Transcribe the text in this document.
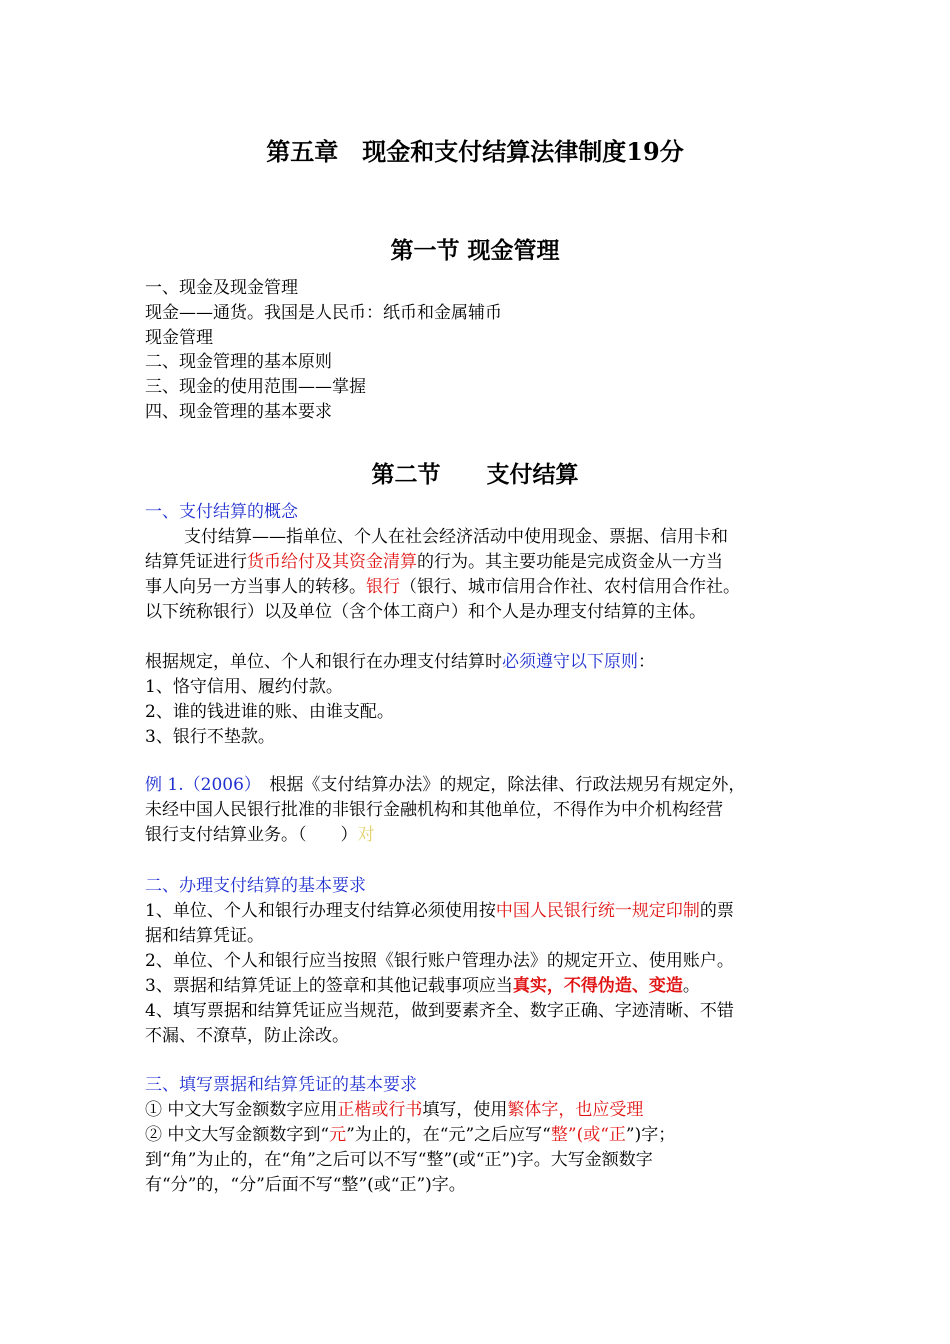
第五章　现金和支付结算法律制度19分

第一节 现金管理

一、现金及现金管理

现金——通货。我国是人民币：纸币和金属辅币

现金管理

二、现金管理的基本原则

三、现金的使用范围——掌握

四、现金管理的基本要求

第二节　　支付结算

一、支付结算的概念

支付结算——指单位、个人在社会经济活动中使用现金、票据、信用卡和

结算凭证进行货币给付及其资金清算的行为。其主要功能是完成资金从一方当

事人向另一方当事人的转移。银行（银行、城市信用合作社、农村信用合作社。

以下统称银行）以及单位（含个体工商户）和个人是办理支付结算的主体。

根据规定，单位、个人和银行在办理支付结算时必须遵守以下原则：

1、恪守信用、履约付款。

2、谁的钱进谁的账、由谁支配。

3、银行不垫款。

例 1.（2006）　根据《支付结算办法》的规定，除法律、行政法规另有规定外，

未经中国人民银行批准的非银行金融机构和其他单位，不得作为中介机构经营

银行支付结算业务。（　　）对

二、办理支付结算的基本要求

1、单位、个人和银行办理支付结算必须使用按中国人民银行统一规定印制的票

据和结算凭证。

2、单位、个人和银行应当按照《银行账户管理办法》的规定开立、使用账户。

3、票据和结算凭证上的签章和其他记载事项应当真实，不得伪造、变造。

4、填写票据和结算凭证应当规范，做到要素齐全、数字正确、字迹清晰、不错

不漏、不潦草，防止涂改。

三、填写票据和结算凭证的基本要求

① 中文大写金额数字应用正楷或行书填写，使用繁体字，也应受理

② 中文大写金额数字到“元”为止的，在“元”之后应写“整”(或“正”)字；

到“角”为止的，在“角”之后可以不写“整”(或“正”)字。大写金额数字

有“分”的，“分”后面不写“整”(或“正”)字。
